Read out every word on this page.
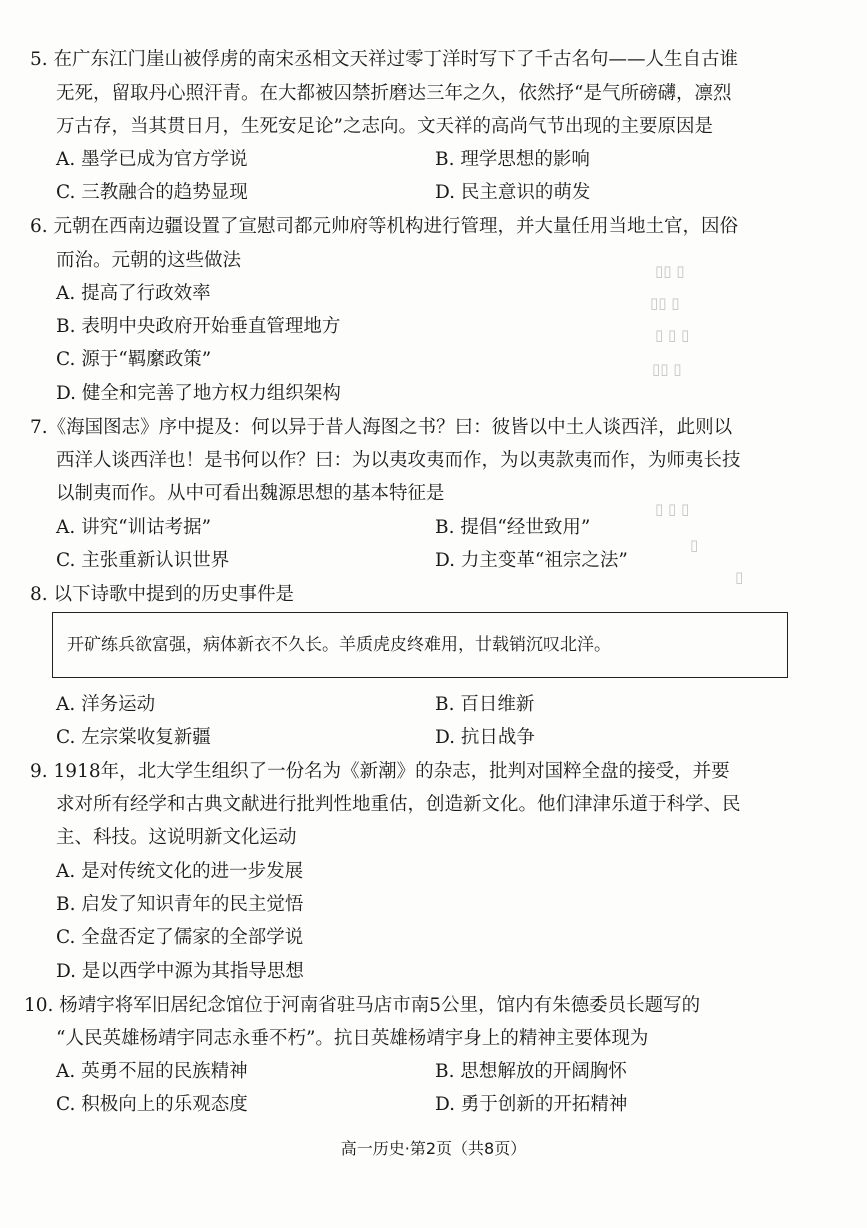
5. 在广东江门崖山被俘虏的南宋丞相文天祥过零丁洋时写下了千古名句——人生自古谁
无死，留取丹心照汗青。在大都被囚禁折磨达三年之久，依然抒“是气所磅礴，凛烈
万古存，当其贯日月，生死安足论”之志向。文天祥的高尚气节出现的主要原因是
A. 墨学已成为官方学说	B. 理学思想的影响
C. 三教融合的趋势显现	D. 民主意识的萌发
6. 元朝在西南边疆设置了宣慰司都元帅府等机构进行管理，并大量任用当地土官，因俗
而治。元朝的这些做法
A. 提高了行政效率
B. 表明中央政府开始垂直管理地方
C. 源于“羁縻政策”
D. 健全和完善了地方权力组织架构
▯▯ ▯
▯▯ ▯
▯ ▯ ▯
▯▯ ▯
7.《海国图志》序中提及：何以异于昔人海图之书？曰：彼皆以中土人谈西洋，此则以
西洋人谈西洋也！是书何以作？曰：为以夷攻夷而作，为以夷款夷而作，为师夷长技
以制夷而作。从中可看出魏源思想的基本特征是
A. 讲究“训诂考据”	B. 提倡“经世致用”
C. 主张重新认识世界	D. 力主变革“祖宗之法”
▯ ▯ ▯
▯
▯
8. 以下诗歌中提到的历史事件是
开矿练兵欲富强，病体新衣不久长。羊质虎皮终难用，廿载销沉叹北洋。
A. 洋务运动	B. 百日维新
C. 左宗棠收复新疆	D. 抗日战争
9. 1918年，北大学生组织了一份名为《新潮》的杂志，批判对国粹全盘的接受，并要
求对所有经学和古典文献进行批判性地重估，创造新文化。他们津津乐道于科学、民
主、科技。这说明新文化运动
A. 是对传统文化的进一步发展
B. 启发了知识青年的民主觉悟
C. 全盘否定了儒家的全部学说
D. 是以西学中源为其指导思想
10. 杨靖宇将军旧居纪念馆位于河南省驻马店市南5公里，馆内有朱德委员长题写的
“人民英雄杨靖宇同志永垂不朽”。抗日英雄杨靖宇身上的精神主要体现为
A. 英勇不屈的民族精神	B. 思想解放的开阔胸怀
C. 积极向上的乐观态度	D. 勇于创新的开拓精神
高一历史·第2页（共8页）
